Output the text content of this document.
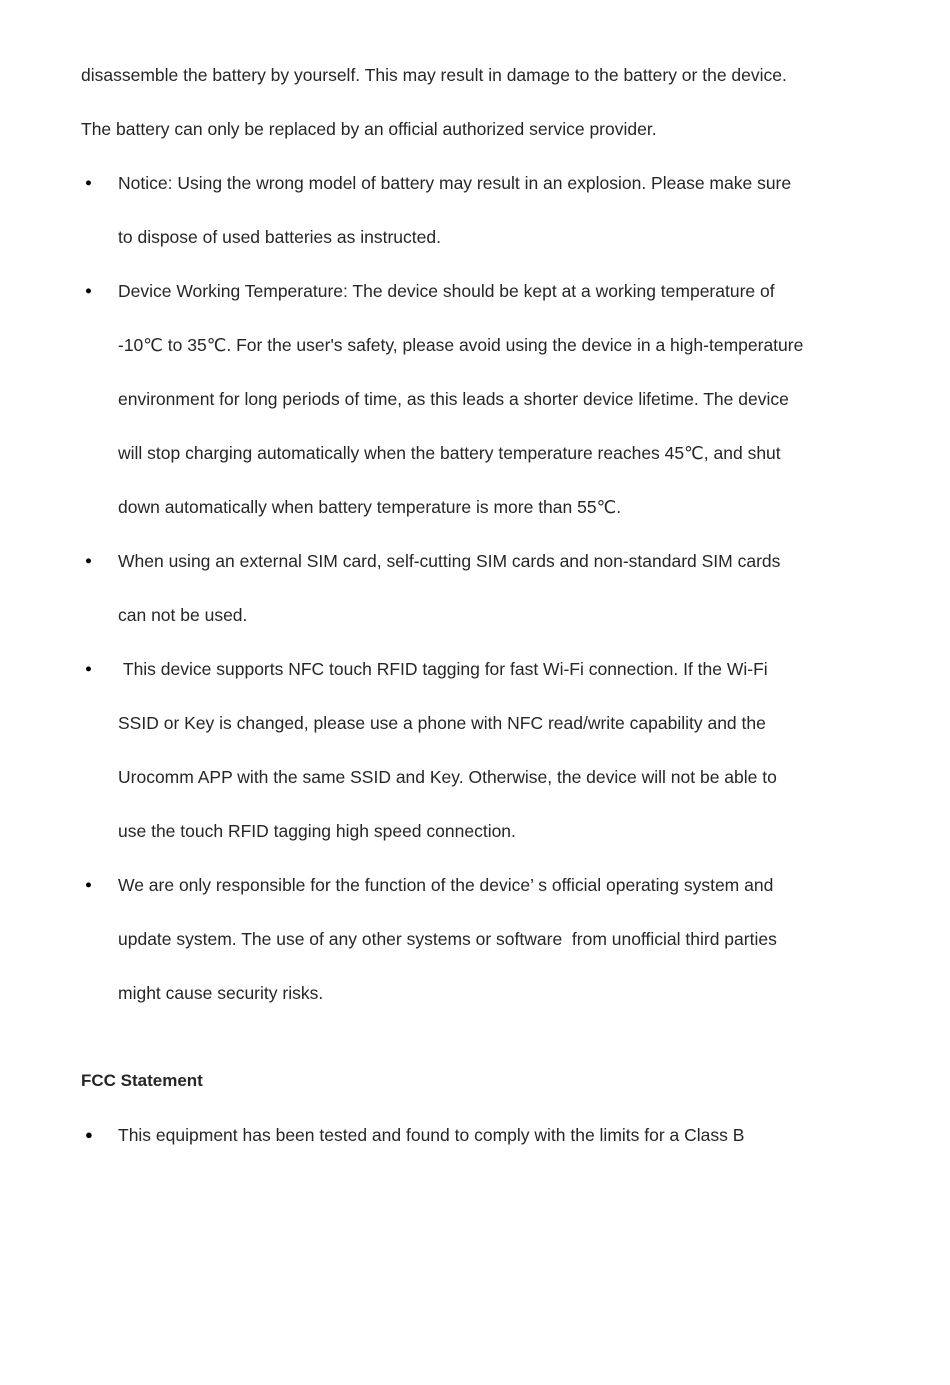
disassemble the battery by yourself. This may result in damage to the battery or the device. The battery can only be replaced by an official authorized service provider.

●	Notice: Using the wrong model of battery may result in an explosion. Please make sure to dispose of used batteries as instructed.
●	Device Working Temperature: The device should be kept at a working temperature of -10℃ to 35℃. For the user's safety, please avoid using the device in a high-temperature environment for long periods of time, as this leads a shorter device lifetime. The device will stop charging automatically when the battery temperature reaches 45℃, and shut down automatically when battery temperature is more than 55℃.
●	When using an external SIM card, self-cutting SIM cards and non-standard SIM cards can not be used.
●	This device supports NFC touch RFID tagging for fast Wi-Fi connection. If the Wi-Fi SSID or Key is changed, please use a phone with NFC read/write capability and the Urocomm APP with the same SSID and Key. Otherwise, the device will not be able to use the touch RFID tagging high speed connection.
●	We are only responsible for the function of the device’ s official operating system and update system. The use of any other systems or software  from unofficial third parties might cause security risks.
FCC Statement
●	This equipment has been tested and found to comply with the limits for a Class B
